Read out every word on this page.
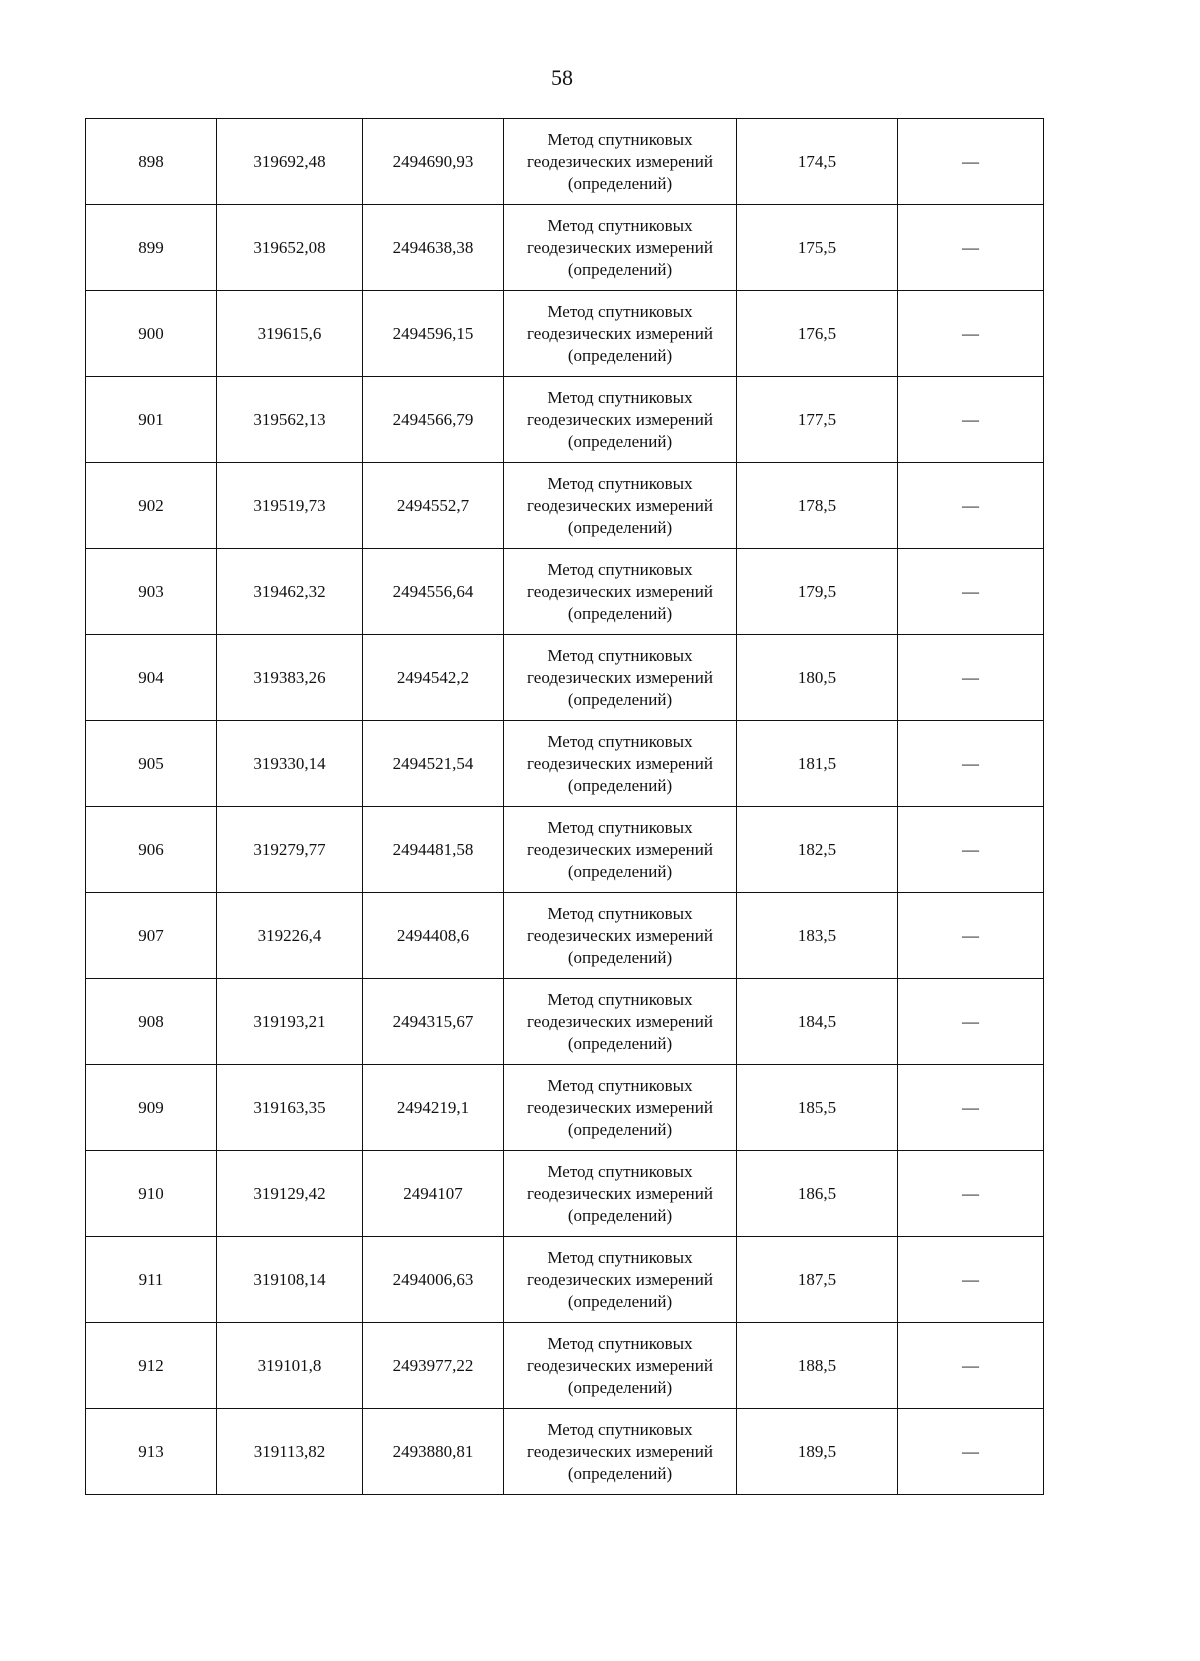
58
898	319692,48	2494690,93	Метод спутниковых
геодезических измерений
(определений)	174,5	—
899	319652,08	2494638,38	Метод спутниковых
геодезических измерений
(определений)	175,5	—
900	319615,6	2494596,15	Метод спутниковых
геодезических измерений
(определений)	176,5	—
901	319562,13	2494566,79	Метод спутниковых
геодезических измерений
(определений)	177,5	—
902	319519,73	2494552,7	Метод спутниковых
геодезических измерений
(определений)	178,5	—
903	319462,32	2494556,64	Метод спутниковых
геодезических измерений
(определений)	179,5	—
904	319383,26	2494542,2	Метод спутниковых
геодезических измерений
(определений)	180,5	—
905	319330,14	2494521,54	Метод спутниковых
геодезических измерений
(определений)	181,5	—
906	319279,77	2494481,58	Метод спутниковых
геодезических измерений
(определений)	182,5	—
907	319226,4	2494408,6	Метод спутниковых
геодезических измерений
(определений)	183,5	—
908	319193,21	2494315,67	Метод спутниковых
геодезических измерений
(определений)	184,5	—
909	319163,35	2494219,1	Метод спутниковых
геодезических измерений
(определений)	185,5	—
910	319129,42	2494107	Метод спутниковых
геодезических измерений
(определений)	186,5	—
911	319108,14	2494006,63	Метод спутниковых
геодезических измерений
(определений)	187,5	—
912	319101,8	2493977,22	Метод спутниковых
геодезических измерений
(определений)	188,5	—
913	319113,82	2493880,81	Метод спутниковых
геодезических измерений
(определений)	189,5	—
